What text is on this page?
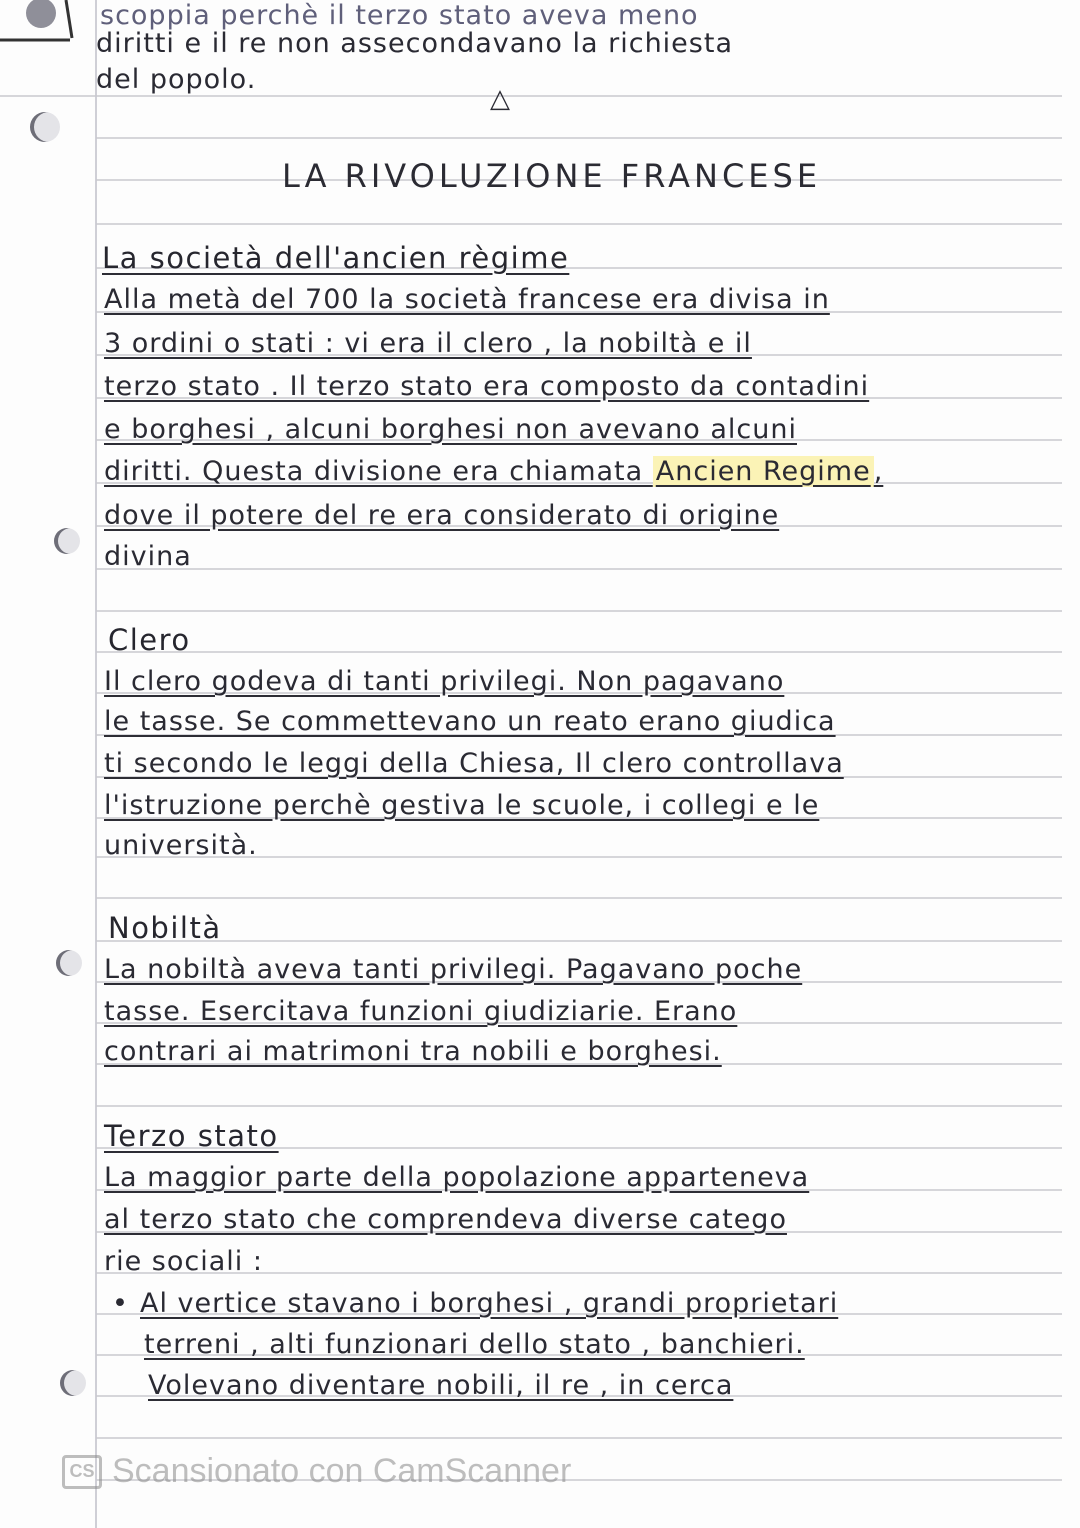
scoppia perchè il terzo stato aveva meno
diritti e il re non assecondavano la richiesta
del popolo.
△
LA RIVOLUZIONE FRANCESE
La società dell'ancien règime
Alla metà del 700 la società francese era divisa in
3 ordini o stati : vi era il clero , la nobiltà e il
terzo stato . Il terzo stato era composto da contadini
e borghesi , alcuni borghesi non avevano alcuni
diritti. Questa divisione era chiamata Ancien Regime ,
dove il potere del re era considerato di origine
divina
Clero
Il clero godeva di tanti privilegi. Non pagavano
le tasse. Se commettevano un reato erano giudica
ti secondo le leggi della Chiesa, Il clero controllava
l'istruzione perchè gestiva le scuole, i collegi e le
università.
Nobiltà
La nobiltà aveva tanti privilegi. Pagavano poche
tasse. Esercitava funzioni giudiziarie. Erano
contrari ai matrimoni tra nobili e borghesi.
Terzo stato
La maggior parte della popolazione apparteneva
al terzo stato che comprendeva diverse catego
rie sociali :
• Al vertice stavano i borghesi , grandi proprietari
terreni , alti funzionari dello stato , banchieri.
Volevano diventare nobili, il re , in cerca
CS Scansionato con CamScanner
